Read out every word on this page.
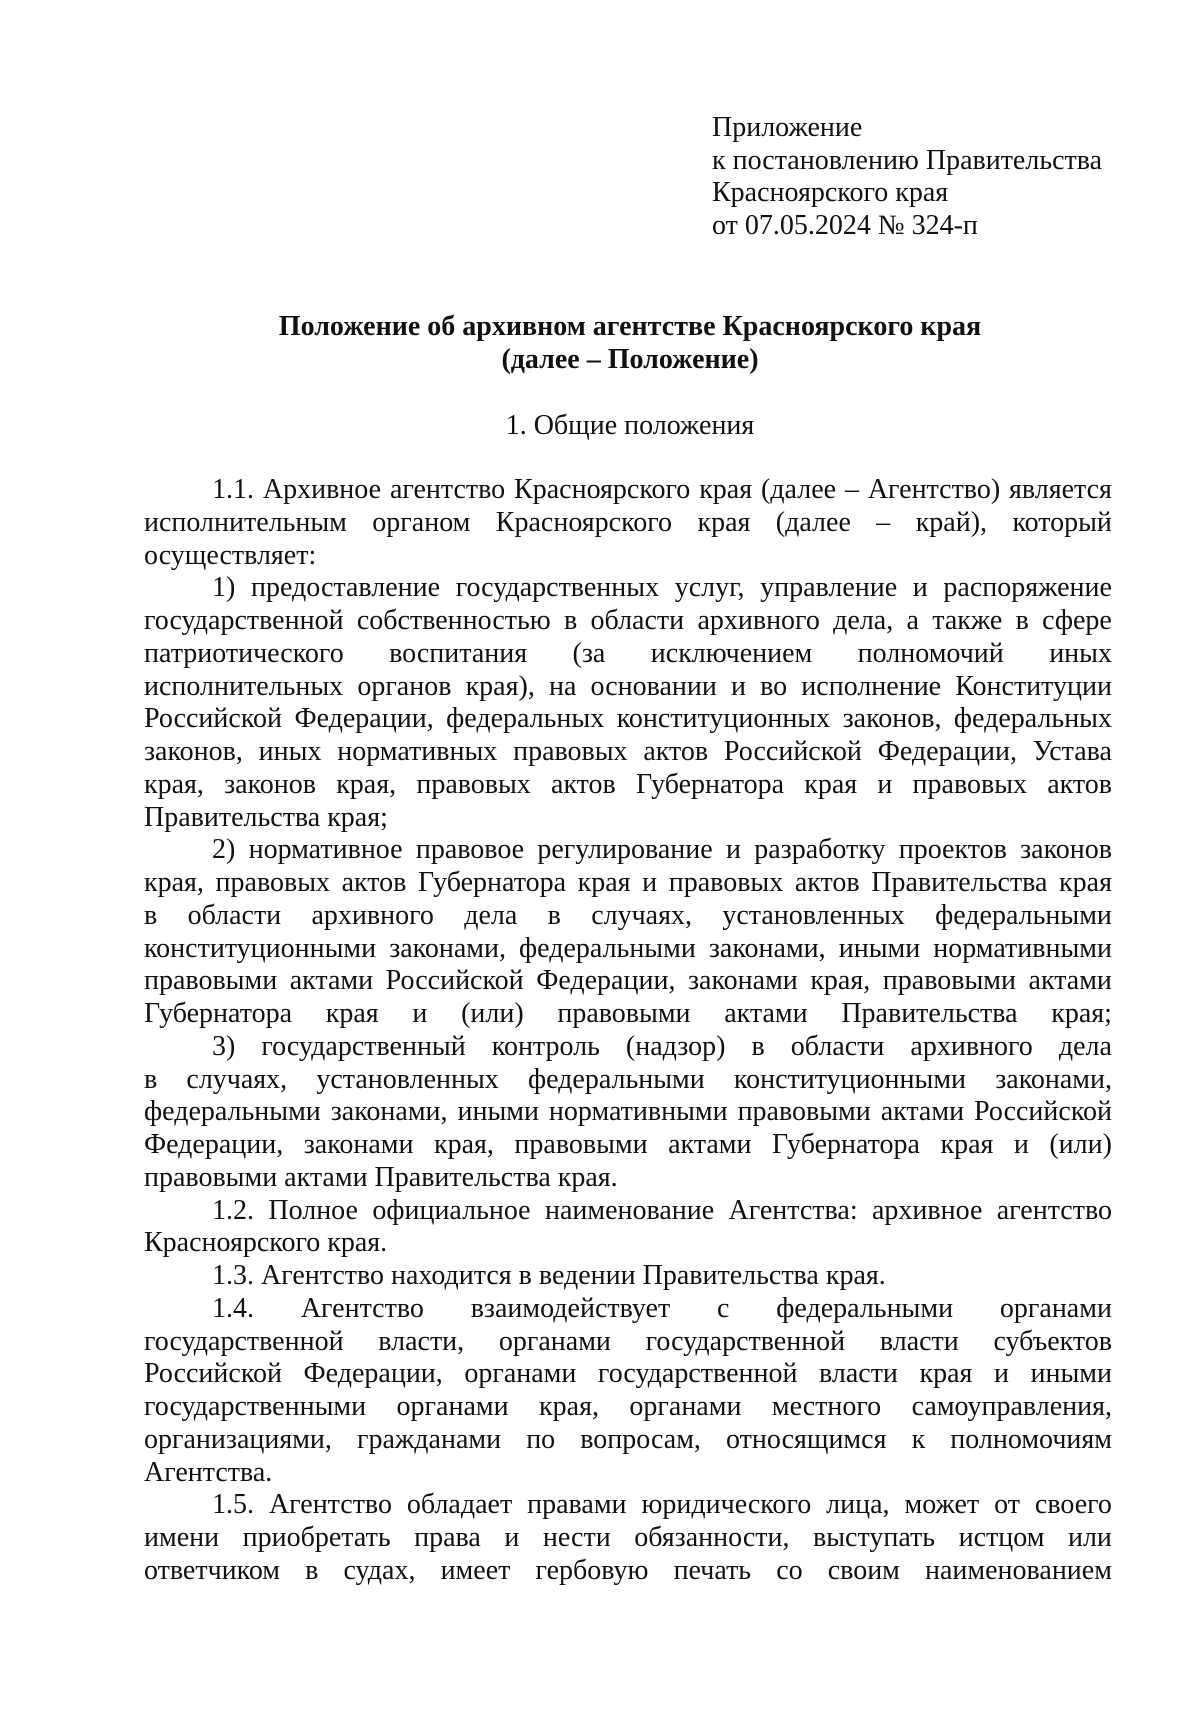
Приложение
к постановлению Правительства
Красноярского края
от 07.05.2024 № 324-п
Положение об архивном агентстве Красноярского края
(далее – Положение)
1. Общие положения
1.1. Архивное агентство Красноярского края (далее – Агентство) является
исполнительным органом Красноярского края (далее – край), который
осуществляет:
1) предоставление государственных услуг, управление и распоряжение
государственной собственностью в области архивного дела, а также в сфере
патриотического воспитания (за исключением полномочий иных
исполнительных органов края), на основании и во исполнение Конституции
Российской Федерации, федеральных конституционных законов, федеральных
законов, иных нормативных правовых актов Российской Федерации, Устава
края, законов края, правовых актов Губернатора края и правовых актов
Правительства края;
2) нормативное правовое регулирование и разработку проектов законов
края, правовых актов Губернатора края и правовых актов Правительства края
в области архивного дела в случаях, установленных федеральными
конституционными законами, федеральными законами, иными нормативными
правовыми актами Российской Федерации, законами края, правовыми актами
Губернатора края и (или) правовыми актами Правительства края;
3) государственный контроль (надзор) в области архивного дела
в случаях, установленных федеральными конституционными законами,
федеральными законами, иными нормативными правовыми актами Российской
Федерации, законами края, правовыми актами Губернатора края и (или)
правовыми актами Правительства края.
1.2. Полное официальное наименование Агентства: архивное агентство
Красноярского края.
1.3. Агентство находится в ведении Правительства края.
1.4. Агентство взаимодействует с федеральными органами
государственной власти, органами государственной власти субъектов
Российской Федерации, органами государственной власти края и иными
государственными органами края, органами местного самоуправления,
организациями, гражданами по вопросам, относящимся к полномочиям
Агентства.
1.5. Агентство обладает правами юридического лица, может от своего
имени приобретать права и нести обязанности, выступать истцом или
ответчиком в судах, имеет гербовую печать со своим наименованием
